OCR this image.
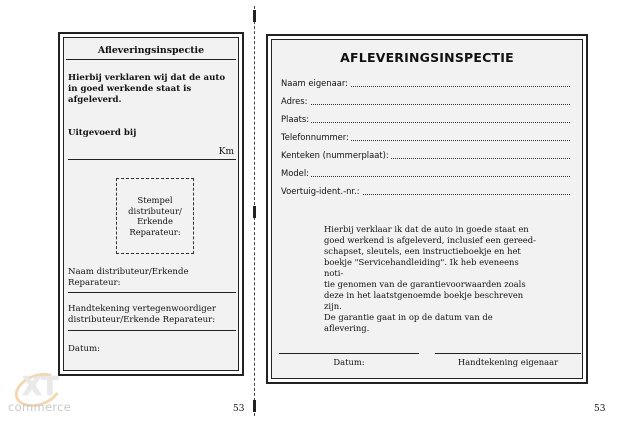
Afleveringsinspectie
Hierbij verklaren wij dat de auto in goed werkende staat is afgeleverd.
Uitgevoerd bij
Km
Stempel
distributeur/
Erkende
Reparateur:
Naam distributeur/Erkende Reparateur:
Handtekening vertegenwoordiger
distributeur/Erkende Reparateur:
Datum:
53
AFLEVERINGSINSPECTIE
Naam eigenaar:
Adres:
Plaats:
Telefonnummer:
Kenteken (nummerplaat):
Model:
Voertuig-ident.-nr.:
Hierbij verklaar ik dat de auto in goede staat en
goed werkend is afgeleverd, inclusief een gereed-
schapset, sleutels, een instructieboekje en het
boekje "Servicehandleiding". Ik heb eveneens noti-
tie genomen van de garantievoorwaarden zoals
deze in het laatstgenoemde boekje beschreven zijn.
De garantie gaat in op de datum van de aflevering.
Datum:	Handtekening eigenaar
53
XT
commerce
